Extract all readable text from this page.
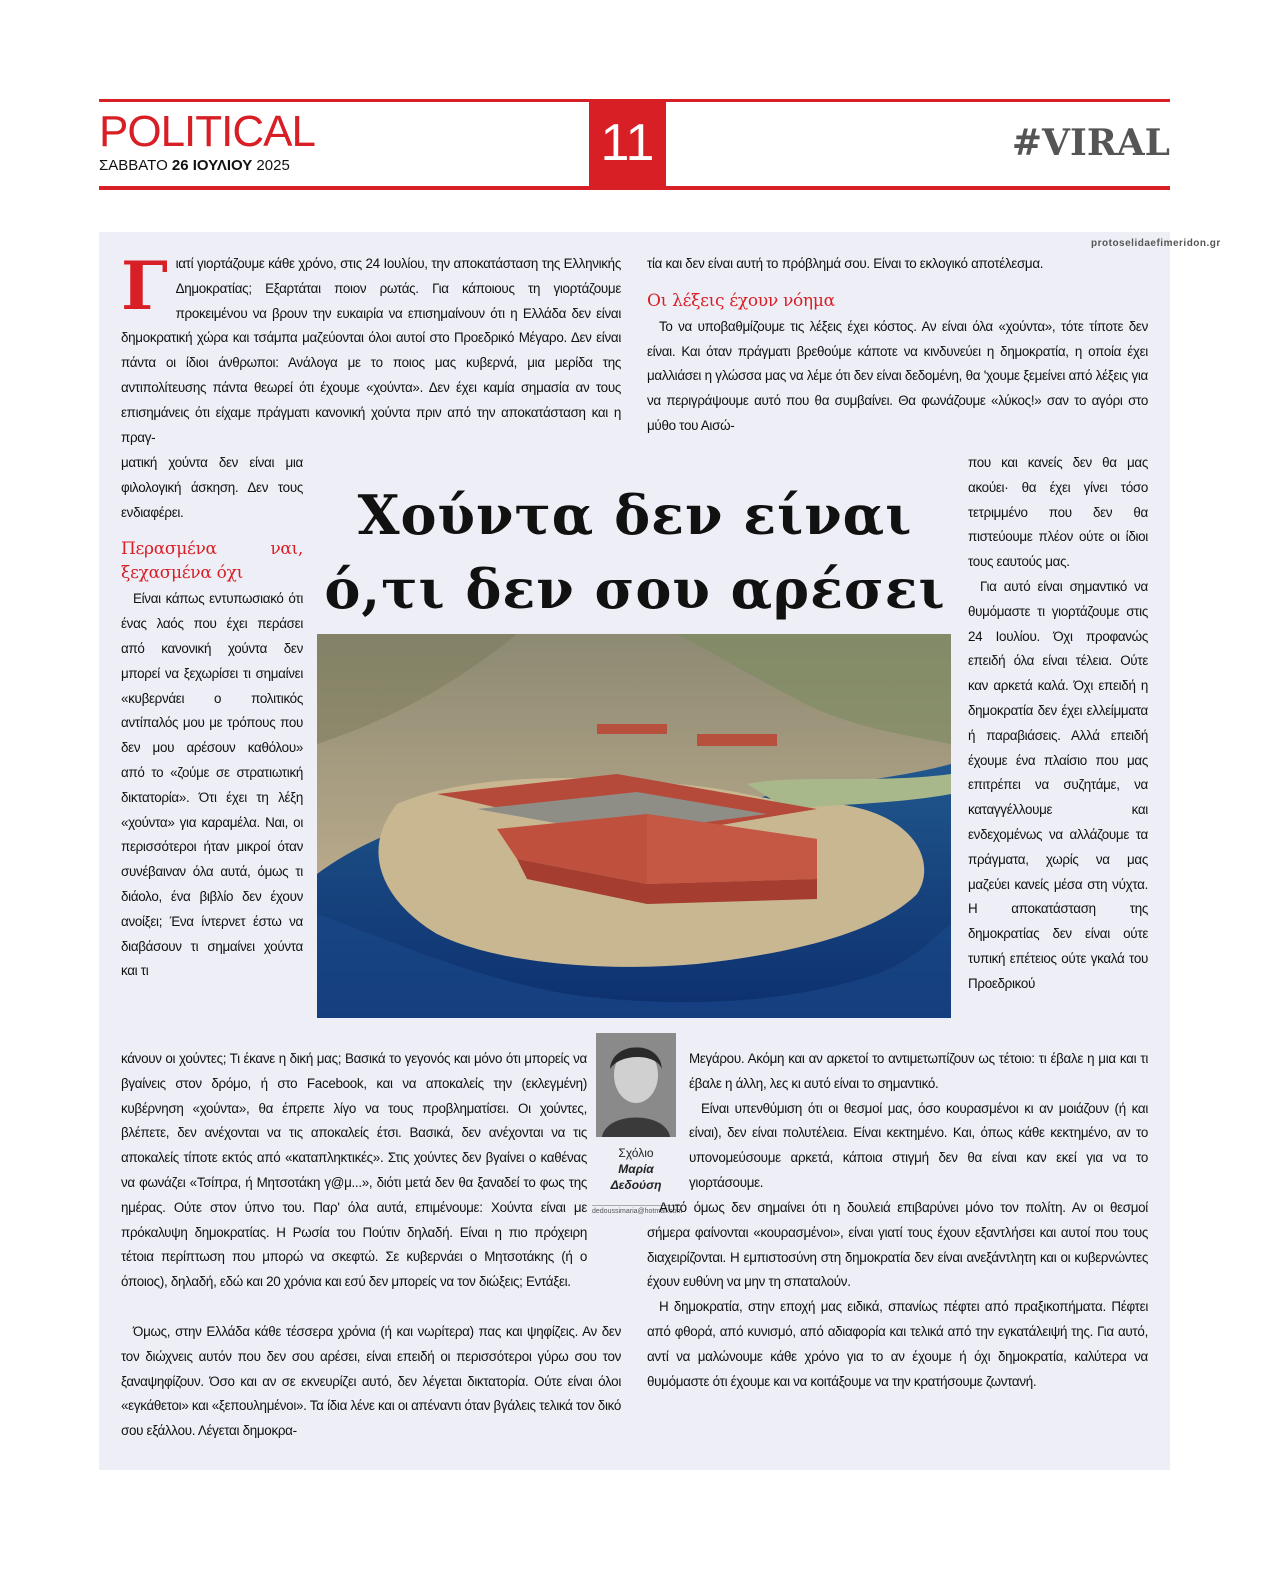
POLITICAL
ΣΑΒΒΑΤΟ 26 ΙΟΥΛΙΟΥ 2025	11	#VIRAL
protoselidaefimeridon.gr

Γιατί γιορτάζουμε κάθε χρόνο, στις 24 Ιουλίου, την αποκατάσταση της Ελληνικής Δημοκρατίας; Εξαρτάται ποιον ρωτάς. Για κάποιους τη γιορτάζουμε προκειμένου να βρουν την ευκαιρία να επισημαίνουν ότι η Ελλάδα δεν είναι δημοκρατική χώρα και τσάμπα μαζεύονται όλοι αυτοί στο Προεδρικό Μέγαρο. Δεν είναι πάντα οι ίδιοι άνθρωποι: Ανάλογα με το ποιος μας κυβερνά, μια μερίδα της αντιπολίτευσης πάντα θεωρεί ότι έχουμε «χούντα». Δεν έχει καμία σημασία αν τους επισημάνεις ότι είχαμε πράγματι κανονική χούντα πριν από την αποκατάσταση και η πραγ-

ματική χούντα δεν είναι μια φιλολογική άσκηση. Δεν τους ενδιαφέρει.

Περασμένα ναι, ξεχασμένα όχι

Είναι κάπως εντυπωσιακό ότι ένας λαός που έχει περάσει από κανονική χούντα δεν μπορεί να ξεχωρίσει τι σημαίνει «κυβερνάει ο πολιτικός αντίπαλός μου με τρόπους που δεν μου αρέσουν καθόλου» από το «ζούμε σε στρατιωτική δικτατορία». Ότι έχει τη λέξη «χούντα» για καραμέλα. Ναι, οι περισσότεροι ήταν μικροί όταν συνέβαιναν όλα αυτά, όμως τι διάολο, ένα βιβλίο δεν έχουν ανοίξει; Ένα ίντερνετ έστω να διαβάσουν τι σημαίνει χούντα και τι

Χούντα δεν είναι
ό,τι δεν σου αρέσει

τία και δεν είναι αυτή το πρόβλημά σου. Είναι το εκλογικό αποτέλεσμα.

Οι λέξεις έχουν νόημα

Το να υποβαθμίζουμε τις λέξεις έχει κόστος. Αν είναι όλα «χούντα», τότε τίποτε δεν είναι. Και όταν πράγματι βρεθούμε κάποτε να κινδυνεύει η δημοκρατία, η οποία έχει μαλλιάσει η γλώσσα μας να λέμε ότι δεν είναι δεδομένη, θα 'χουμε ξεμείνει από λέξεις για να περιγράψουμε αυτό που θα συμβαίνει. Θα φωνάζουμε «λύκος!» σαν το αγόρι στο μύθο του Αισώ-

που και κανείς δεν θα μας ακούει· θα έχει γίνει τόσο τετριμμένο που δεν θα πιστεύουμε πλέον ούτε οι ίδιοι τους εαυτούς μας.

Για αυτό είναι σημαντικό να θυμόμαστε τι γιορτάζουμε στις 24 Ιουλίου. Όχι προφανώς επειδή όλα είναι τέλεια. Ούτε καν αρκετά καλά. Όχι επειδή η δημοκρατία δεν έχει ελλείμματα ή παραβιάσεις. Αλλά επειδή έχουμε ένα πλαίσιο που μας επιτρέπει να συζητάμε, να καταγγέλλουμε και ενδεχομένως να αλλάζουμε τα πράγματα, χωρίς να μας μαζεύει κανείς μέσα στη νύχτα. Η αποκατάσταση της δημοκρατίας δεν είναι ούτε τυπική επέτειος ούτε γκαλά του Προεδρικού

κάνουν οι χούντες; Τι έκανε η δική μας; Βασικά το γεγονός και μόνο ότι μπορείς να βγαίνεις στον δρόμο, ή στο Facebook, και να αποκαλείς την (εκλεγμένη) κυβέρνηση «χούντα», θα έπρεπε λίγο να τους προβληματίσει. Οι χούντες, βλέπετε, δεν ανέχονται να τις αποκαλείς έτσι. Βασικά, δεν ανέχονται να τις αποκαλείς τίποτε εκτός από «καταπληκτικές». Στις χούντες δεν βγαίνει ο καθένας να φωνάζει «Τσίπρα, ή Μητσοτάκη γ@μ...», διότι μετά δεν θα ξαναδεί το φως της ημέρας. Ούτε στον ύπνο του. Παρ' όλα αυτά, επιμένουμε: Χούντα είναι με πρόκαλυψη δημοκρατίας. Η Ρωσία του Πούτιν δηλαδή. Είναι η πιο πρόχειρη τέτοια περίπτωση που μπορώ να σκεφτώ. Σε κυβερνάει ο Μητσοτάκης (ή ο όποιος), δηλαδή, εδώ και 20 χρόνια και εσύ δεν μπορείς να τον διώξεις; Εντάξει.

Όμως, στην Ελλάδα κάθε τέσσερα χρόνια (ή και νωρίτερα) πας και ψηφίζεις. Αν δεν τον διώχνεις αυτόν που δεν σου αρέσει, είναι επειδή οι περισσότεροι γύρω σου τον ξαναψηφίζουν. Όσο και αν σε εκνευρίζει αυτό, δεν λέγεται δικτατορία. Ούτε είναι όλοι «εγκάθετοι» και «ξεπουλημένοι». Τα ίδια λένε και οι απέναντι όταν βγάλεις τελικά τον δικό σου εξάλλου. Λέγεται δημοκρα-

Σχόλιο
Μαρία
Δεδούση
dedoussimaria@hotmail.com

Μεγάρου. Ακόμη και αν αρκετοί το αντιμετωπίζουν ως τέτοιο: τι έβαλε η μια και τι έβαλε η άλλη, λες κι αυτό είναι το σημαντικό.

Είναι υπενθύμιση ότι οι θεσμοί μας, όσο κουρασμένοι κι αν μοιάζουν (ή και είναι), δεν είναι πολυτέλεια. Είναι κεκτημένο. Και, όπως κάθε κεκτημένο, αν το υπονομεύσουμε αρκετά, κάποια στιγμή δεν θα είναι καν εκεί για να το γιορτάσουμε.

Αυτό όμως δεν σημαίνει ότι η δουλειά επιβαρύνει μόνο τον πολίτη. Αν οι θεσμοί σήμερα φαίνονται «κουρασμένοι», είναι γιατί τους έχουν εξαντλήσει και αυτοί που τους διαχειρίζονται. Η εμπιστοσύνη στη δημοκρατία δεν είναι ανεξάντλητη και οι κυβερνώντες έχουν ευθύνη να μην τη σπαταλούν.

Η δημοκρατία, στην εποχή μας ειδικά, σπανίως πέφτει από πραξικοπήματα. Πέφτει από φθορά, από κυνισμό, από αδιαφορία και τελικά από την εγκατάλειψή της. Για αυτό, αντί να μαλώνουμε κάθε χρόνο για το αν έχουμε ή όχι δημοκρατία, καλύτερα να θυμόμαστε ότι έχουμε και να κοιτάξουμε να την κρατήσουμε ζωντανή.
